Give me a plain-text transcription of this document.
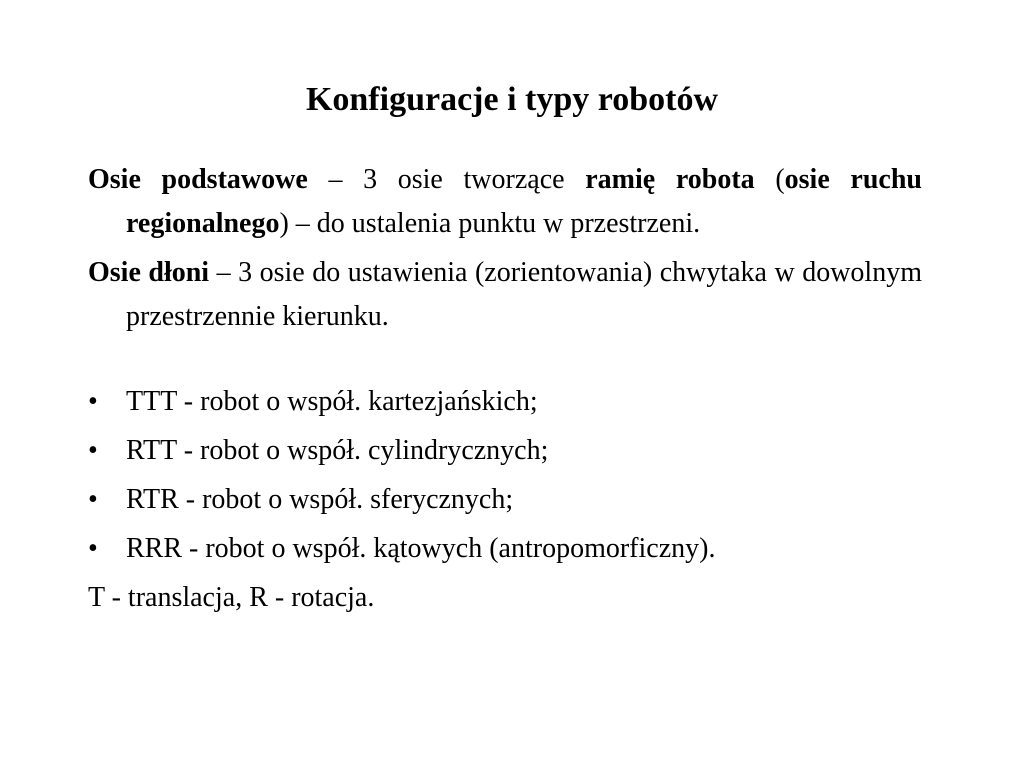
Konfiguracje i typy robotów

Osie podstawowe – 3 osie tworzące ramię robota (osie ruchu regionalnego) – do ustalenia punktu w przestrzeni.

Osie dłoni – 3 osie do ustawienia (zorientowania) chwytaka w dowolnym przestrzennie kierunku.

•	TTT - robot o współ. kartezjańskich;
•	RTT - robot o współ. cylindrycznych;
•	RTR - robot o współ. sferycznych;
•	RRR - robot o współ. kątowych (antropomorficzny).

T - translacja, R - rotacja.
